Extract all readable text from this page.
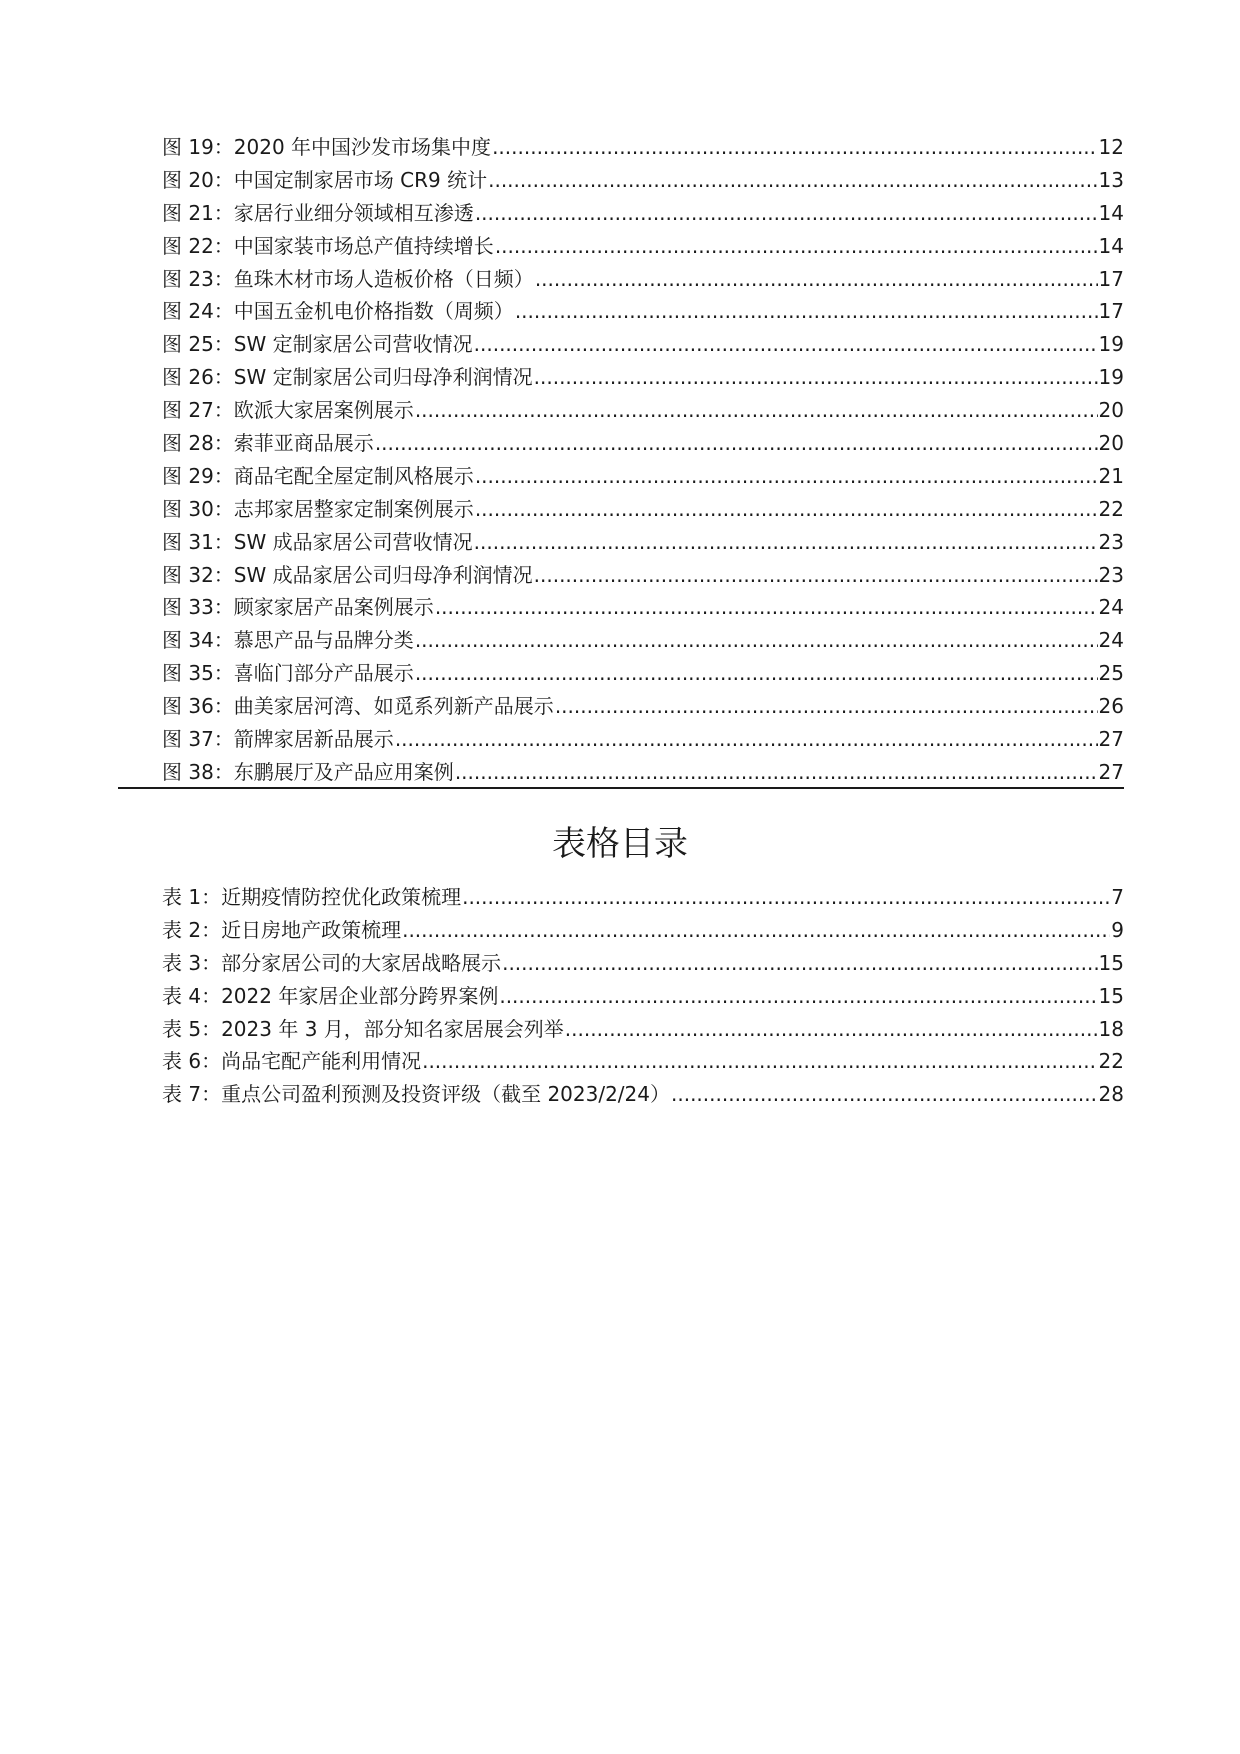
图 19：2020 年中国沙发市场集中度 .....	12
图 20：中国定制家居市场 CR9 统计 .....	13
图 21：家居行业细分领域相互渗透 .....	14
图 22：中国家装市场总产值持续增长 .....	14
图 23：鱼珠木材市场人造板价格（日频） .....	17
图 24：中国五金机电价格指数（周频） .....	17
图 25：SW 定制家居公司营收情况 .....	19
图 26：SW 定制家居公司归母净利润情况 .....	19
图 27：欧派大家居案例展示 .....	20
图 28：索菲亚商品展示 .....	20
图 29：商品宅配全屋定制风格展示 .....	21
图 30：志邦家居整家定制案例展示 .....	22
图 31：SW 成品家居公司营收情况 .....	23
图 32：SW 成品家居公司归母净利润情况 .....	23
图 33：顾家家居产品案例展示 .....	24
图 34：慕思产品与品牌分类 .....	24
图 35：喜临门部分产品展示 .....	25
图 36：曲美家居河湾、如觅系列新产品展示 .....	26
图 37：箭牌家居新品展示 .....	27
图 38：东鹏展厅及产品应用案例 .....	27
表格目录
表 1：近期疫情防控优化政策梳理 .....	7
表 2：近日房地产政策梳理 .....	9
表 3：部分家居公司的大家居战略展示 .....	15
表 4：2022 年家居企业部分跨界案例 .....	15
表 5：2023 年 3 月，部分知名家居展会列举 .....	18
表 6：尚品宅配产能利用情况 .....	22
表 7：重点公司盈利预测及投资评级（截至 2023/2/24） .....	28
